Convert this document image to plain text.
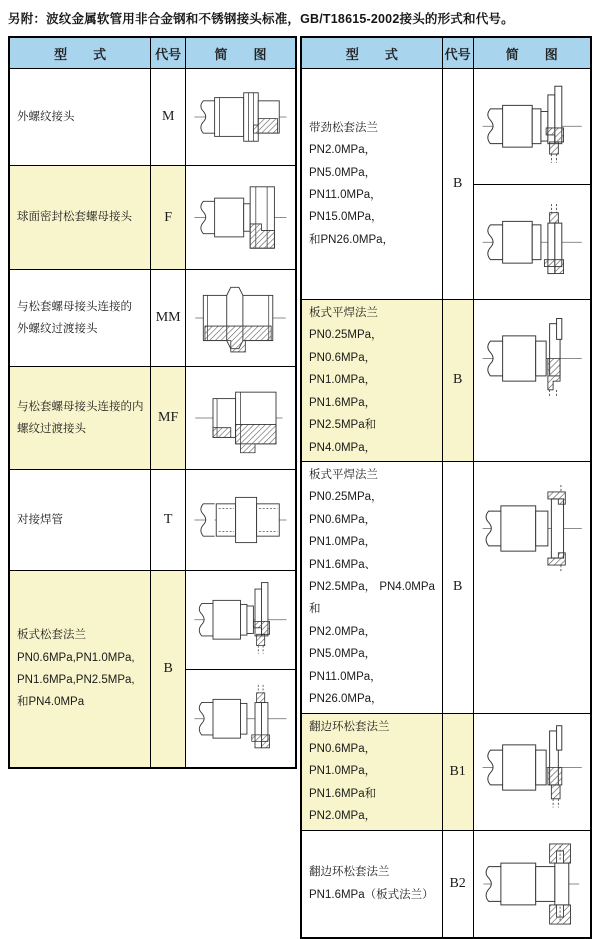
另附：波纹金属软管用非合金钢和不锈钢接头标准，GB/T18615-2002接头的形式和代号。
型　　式	代号	简　　图

外螺纹接头	M	

球面密封松套螺母接头	F	

与松套螺母接头连接的
外螺纹过渡接头	MM	

与松套螺母接头连接的内
螺纹过渡接头	MF	

对接焊管	T	

板式松套法兰
PN0.6MPa,PN1.0MPa,
PN1.6MPa,PN2.5MPa,
和PN4.0MPa	B	
型　　式	代号	简　　图

带劲松套法兰
PN2.0MPa， PN5.0MPa，
PN11.0MPa， PN15.0MPa，
和PN26.0MPa，	B	

板式平焊法兰
PN0.25MPa， PN0.6MPa，
PN1.0MPa， PN1.6MPa，
PN2.5MPa和PN4.0MPa，	B	

板式平焊法兰
PN0.25MPa， PN0.6MPa，
PN1.0MPa， PN1.6MPa、
PN2.5MPa， PN4.0MPa和
PN2.0MPa， PN5.0MPa，
PN11.0MPa， PN26.0MPa，
	B	

翻边环松套法兰
PN0.6MPa， PN1.0MPa，
PN1.6MPa和PN2.0MPa，	B1	

翻边环松套法兰
PN1.6MPa（板式法兰）	B2	
